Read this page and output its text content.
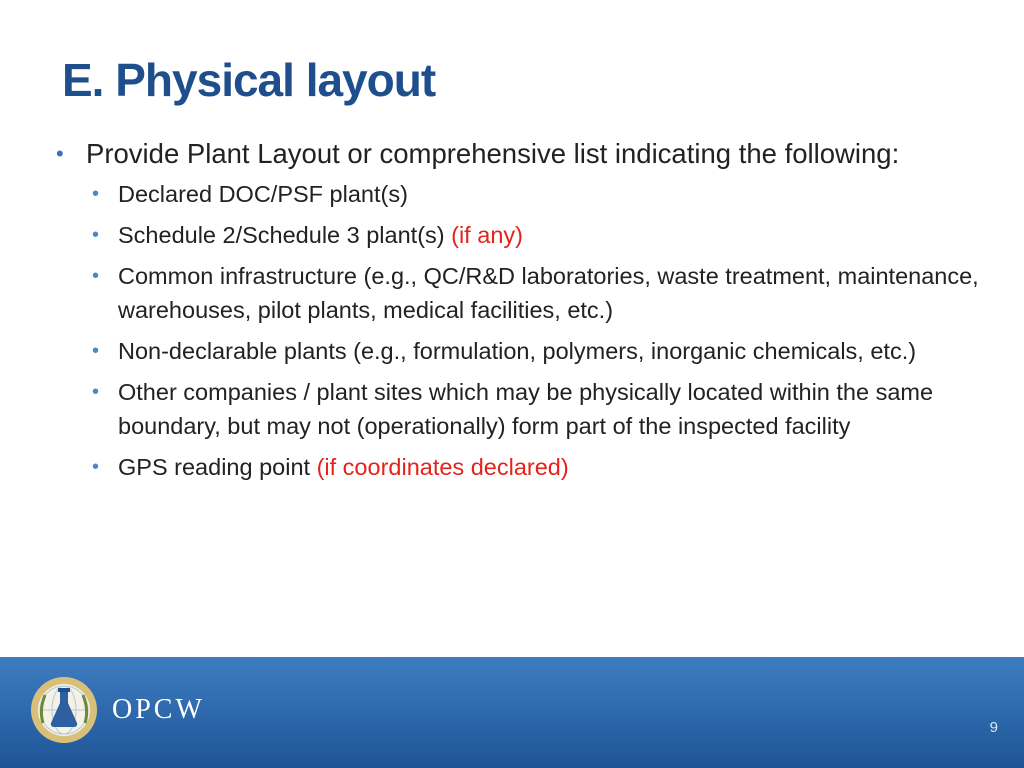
E. Physical layout

• Provide Plant Layout or comprehensive list indicating the following:

• Declared DOC/PSF plant(s)
• Schedule 2/Schedule 3 plant(s) (if any)
• Common infrastructure (e.g., QC/R&D laboratories, waste treatment, maintenance, warehouses, pilot plants, medical facilities, etc.)
• Non-declarable plants (e.g., formulation, polymers, inorganic chemicals, etc.)
• Other companies / plant sites which may be physically located within the same boundary, but may not (operationally) form part of the inspected facility
• GPS reading point (if coordinates declared)
OPCW
9
